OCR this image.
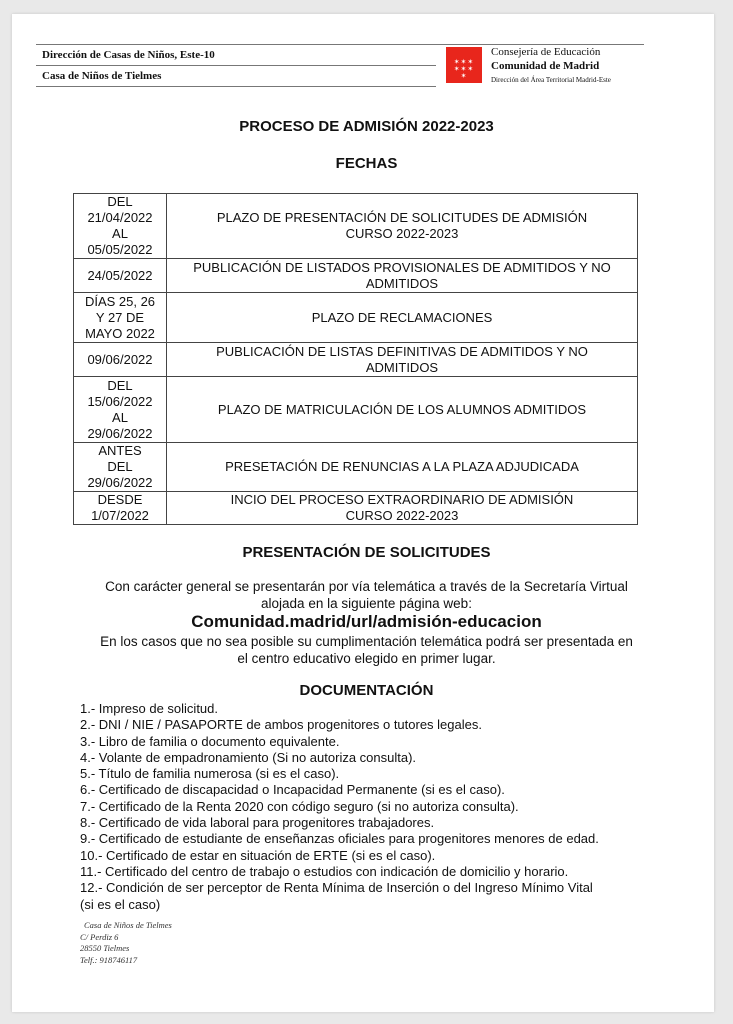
Dirección de Casas de Niños, Este-10
Casa de Niños de Tielmes
✶✶✶
✶✶✶
✶
Consejería de Educación
Comunidad de Madrid
Dirección del Área Territorial Madrid-Este
PROCESO DE ADMISIÓN 2022-2023
FECHAS
DEL
21/04/2022
AL
05/05/2022	PLAZO DE PRESENTACIÓN DE SOLICITUDES DE ADMISIÓN
CURSO 2022-2023
24/05/2022	PUBLICACIÓN DE LISTADOS PROVISIONALES DE ADMITIDOS Y NO
ADMITIDOS
DÍAS 25, 26
Y 27 DE
MAYO 2022	PLAZO DE RECLAMACIONES
09/06/2022	PUBLICACIÓN DE LISTAS DEFINITIVAS DE ADMITIDOS Y NO
ADMITIDOS
DEL
15/06/2022
AL
29/06/2022	PLAZO DE MATRICULACIÓN DE LOS ALUMNOS ADMITIDOS
ANTES
DEL
29/06/2022	PRESETACIÓN DE RENUNCIAS A LA PLAZA ADJUDICADA
DESDE
1/07/2022	INCIO DEL PROCESO EXTRAORDINARIO DE ADMISIÓN
CURSO 2022-2023
PRESENTACIÓN DE SOLICITUDES
Con carácter general se presentarán por vía telemática a través de la Secretaría Virtual
alojada en la siguiente página web:
Comunidad.madrid/url/admisión-educacion
En los casos que no sea posible su cumplimentación telemática podrá ser presentada en
el centro educativo elegido en primer lugar.
DOCUMENTACIÓN
1.- Impreso de solicitud.
2.- DNI / NIE / PASAPORTE de ambos progenitores o tutores legales.
3.- Libro de familia o documento equivalente.
4.- Volante de empadronamiento (Si no autoriza consulta).
5.- Título de familia numerosa (si es el caso).
6.- Certificado de discapacidad o Incapacidad Permanente (si es el caso).
7.- Certificado de la Renta 2020 con código seguro (si no autoriza consulta).
8.- Certificado de vida laboral para progenitores trabajadores.
9.- Certificado de estudiante de enseñanzas oficiales para progenitores menores de edad.
10.- Certificado de estar en situación de ERTE (si es el caso).
11.- Certificado del centro de trabajo o estudios con indicación de domicilio y horario.
12.- Condición de ser perceptor de Renta Mínima de Inserción o del Ingreso Mínimo Vital
(si es el caso)
Casa de Niños de Tielmes
C/ Perdiz 6
28550 Tielmes
Telf.: 918746117
